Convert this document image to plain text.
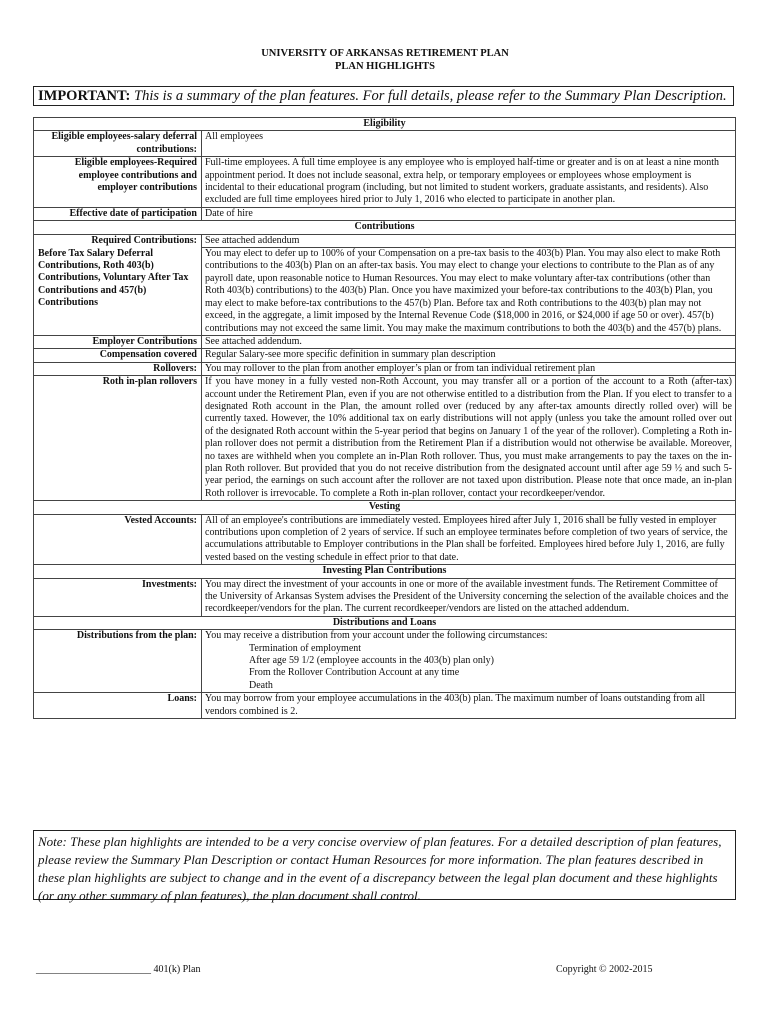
UNIVERSITY OF ARKANSAS RETIREMENT PLAN
PLAN HIGHLIGHTS
IMPORTANT: This is a summary of the plan features. For full details, please refer to the Summary Plan Description.
Eligibility	
Eligible employees-salary deferral contributions:	All employees
Eligible employees-Required employee contributions and employer contributions	Full-time employees. A full time employee is any employee who is employed half-time or greater and is on at least a nine month appointment period. It does not include seasonal, extra help, or temporary employees or employees whose employment is incidental to their educational program (including, but not limited to student workers, graduate assistants, and residents). Also excluded are full time employees hired prior to July 1, 2016 who elected to participate in another plan.
Effective date of participation	Date of hire
Contributions	
Required Contributions:	See attached addendum
Before Tax Salary Deferral Contributions, Roth 403(b) Contributions, Voluntary After Tax Contributions and 457(b) Contributions	You may elect to defer up to 100% of your Compensation on a pre-tax basis to the 403(b) Plan. You may also elect to make Roth contributions to the 403(b) Plan on an after-tax basis. You may elect to change your elections to contribute to the Plan as of any payroll date, upon reasonable notice to Human Resources. You may elect to make voluntary after-tax contributions (other than Roth 403(b) contributions) to the 403(b) Plan. Once you have maximized your before-tax contributions to the 403(b) Plan, you may elect to make before-tax contributions to the 457(b) Plan. Before tax and Roth contributions to the 403(b) plan may not exceed, in the aggregate, a limit imposed by the Internal Revenue Code ($18,000 in 2016, or $24,000 if age 50 or over). 457(b) contributions may not exceed the same limit. You may make the maximum contributions to both the 403(b) and the 457(b) plans.
Employer Contributions	See attached addendum.
Compensation covered	Regular Salary-see more specific definition in summary plan description
Rollovers:	You may rollover to the plan from another employer’s plan or from tan individual retirement plan
Roth in-plan rollovers	If you have money in a fully vested non-Roth Account, you may transfer all or a portion of the account to a Roth (after-tax) account under the Retirement Plan, even if you are not otherwise entitled to a distribution from the Plan. If you elect to transfer to a designated Roth account in the Plan, the amount rolled over (reduced by any after-tax amounts directly rolled over) will be currently taxed. However, the 10% additional tax on early distributions will not apply (unless you take the amount rolled over out of the designated Roth account within the 5-year period that begins on January 1 of the year of the rollover). Completing a Roth in-plan rollover does not permit a distribution from the Retirement Plan if a distribution would not otherwise be available. Moreover, no taxes are withheld when you complete an in-Plan Roth rollover. Thus, you must make arrangements to pay the taxes on the in-plan Roth rollover. But provided that you do not receive distribution from the designated account until after age 59 ½ and such 5-year period, the earnings on such account after the rollover are not taxed upon distribution. Please note that once made, an in-plan Roth rollover is irrevocable. To complete a Roth in-plan rollover, contact your recordkeeper/vendor.
Vesting	
Vested Accounts:	All of an employee's contributions are immediately vested. Employees hired after July 1, 2016 shall be fully vested in employer contributions upon completion of 2 years of service. If such an employee terminates before completion of two years of service, the accumulations attributable to Employer contributions in the Plan shall be forfeited. Employees hired before July 1, 2016, are fully vested based on the vesting schedule in effect prior to that date.
Investing Plan Contributions	
Investments:	You may direct the investment of your accounts in one or more of the available investment funds. The Retirement Committee of the University of Arkansas System advises the President of the University concerning the selection of the available choices and the recordkeeper/vendors for the plan. The current recordkeeper/vendors are listed on the attached addendum.
Distributions and Loans	
Distributions from the plan:	You may receive a distribution from your account under the following circumstances:
Termination of employment
After age 59 1/2 (employee accounts in the 403(b) plan only)
From the Rollover Contribution Account at any time
Death

Loans:	You may borrow from your employee accumulations in the 403(b) plan. The maximum number of loans outstanding from all vendors combined is 2.
Note: These plan highlights are intended to be a very concise overview of plan features. For a detailed description of plan features, please review the Summary Plan Description or contact Human Resources for more information. The plan features described in these plan highlights are subject to change and in the event of a discrepancy between the legal plan document and these highlights (or any other summary of plan features), the plan document shall control.
_______________________ 401(k) Plan	Copyright © 2002-2015
